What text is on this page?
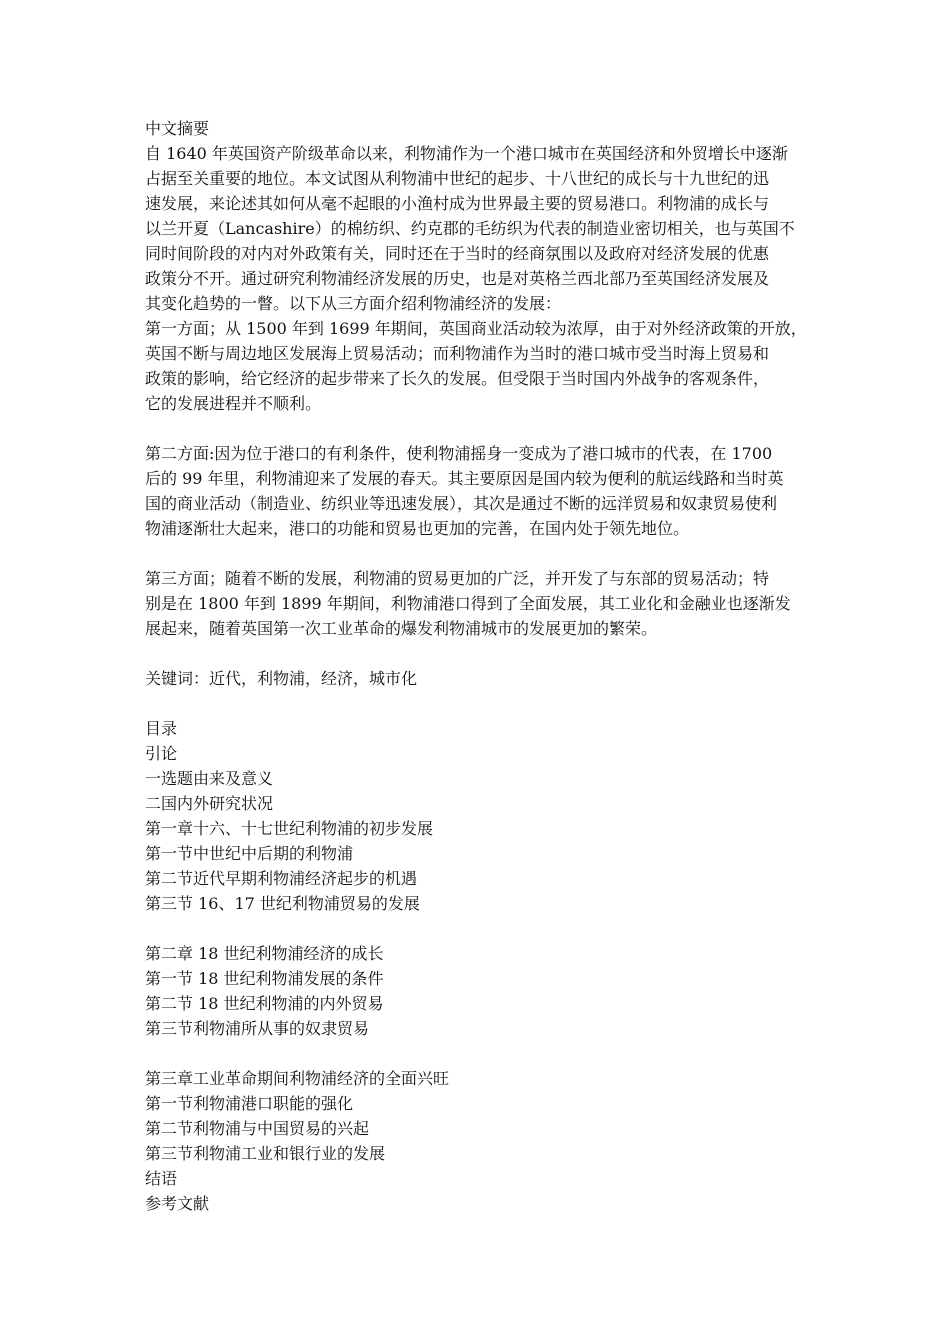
中文摘要
自 1640 年英国资产阶级革命以来，利物浦作为一个港口城市在英国经济和外贸增长中逐渐
占据至关重要的地位。本文试图从利物浦中世纪的起步、十八世纪的成长与十九世纪的迅
速发展，来论述其如何从毫不起眼的小渔村成为世界最主要的贸易港口。利物浦的成长与
以兰开夏（Lancashire）的棉纺织、约克郡的毛纺织为代表的制造业密切相关，也与英国不
同时间阶段的对内对外政策有关，同时还在于当时的经商氛围以及政府对经济发展的优惠
政策分不开。通过研究利物浦经济发展的历史，也是对英格兰西北部乃至英国经济发展及
其变化趋势的一瞥。以下从三方面介绍利物浦经济的发展：
第一方面；从 1500 年到 1699 年期间，英国商业活动较为浓厚，由于对外经济政策的开放，
英国不断与周边地区发展海上贸易活动；而利物浦作为当时的港口城市受当时海上贸易和
政策的影响，给它经济的起步带来了长久的发展。但受限于当时国内外战争的客观条件，
它的发展进程并不顺利。
第二方面:因为位于港口的有利条件，使利物浦摇身一变成为了港口城市的代表，在 1700
后的 99 年里，利物浦迎来了发展的春天。其主要原因是国内较为便利的航运线路和当时英
国的商业活动（制造业、纺织业等迅速发展），其次是通过不断的远洋贸易和奴隶贸易使利
物浦逐渐壮大起来，港口的功能和贸易也更加的完善，在国内处于领先地位。
第三方面；随着不断的发展，利物浦的贸易更加的广泛，并开发了与东部的贸易活动；特
别是在 1800 年到 1899 年期间，利物浦港口得到了全面发展，其工业化和金融业也逐渐发
展起来，随着英国第一次工业革命的爆发利物浦城市的发展更加的繁荣。
关键词：近代，利物浦，经济，城市化
目录
引论
一选题由来及意义
二国内外研究状况
第一章十六、十七世纪利物浦的初步发展
第一节中世纪中后期的利物浦
第二节近代早期利物浦经济起步的机遇
第三节 16、17 世纪利物浦贸易的发展
第二章 18 世纪利物浦经济的成长
第一节 18 世纪利物浦发展的条件
第二节 18 世纪利物浦的内外贸易
第三节利物浦所从事的奴隶贸易
第三章工业革命期间利物浦经济的全面兴旺
第一节利物浦港口职能的强化
第二节利物浦与中国贸易的兴起
第三节利物浦工业和银行业的发展
结语
参考文献
